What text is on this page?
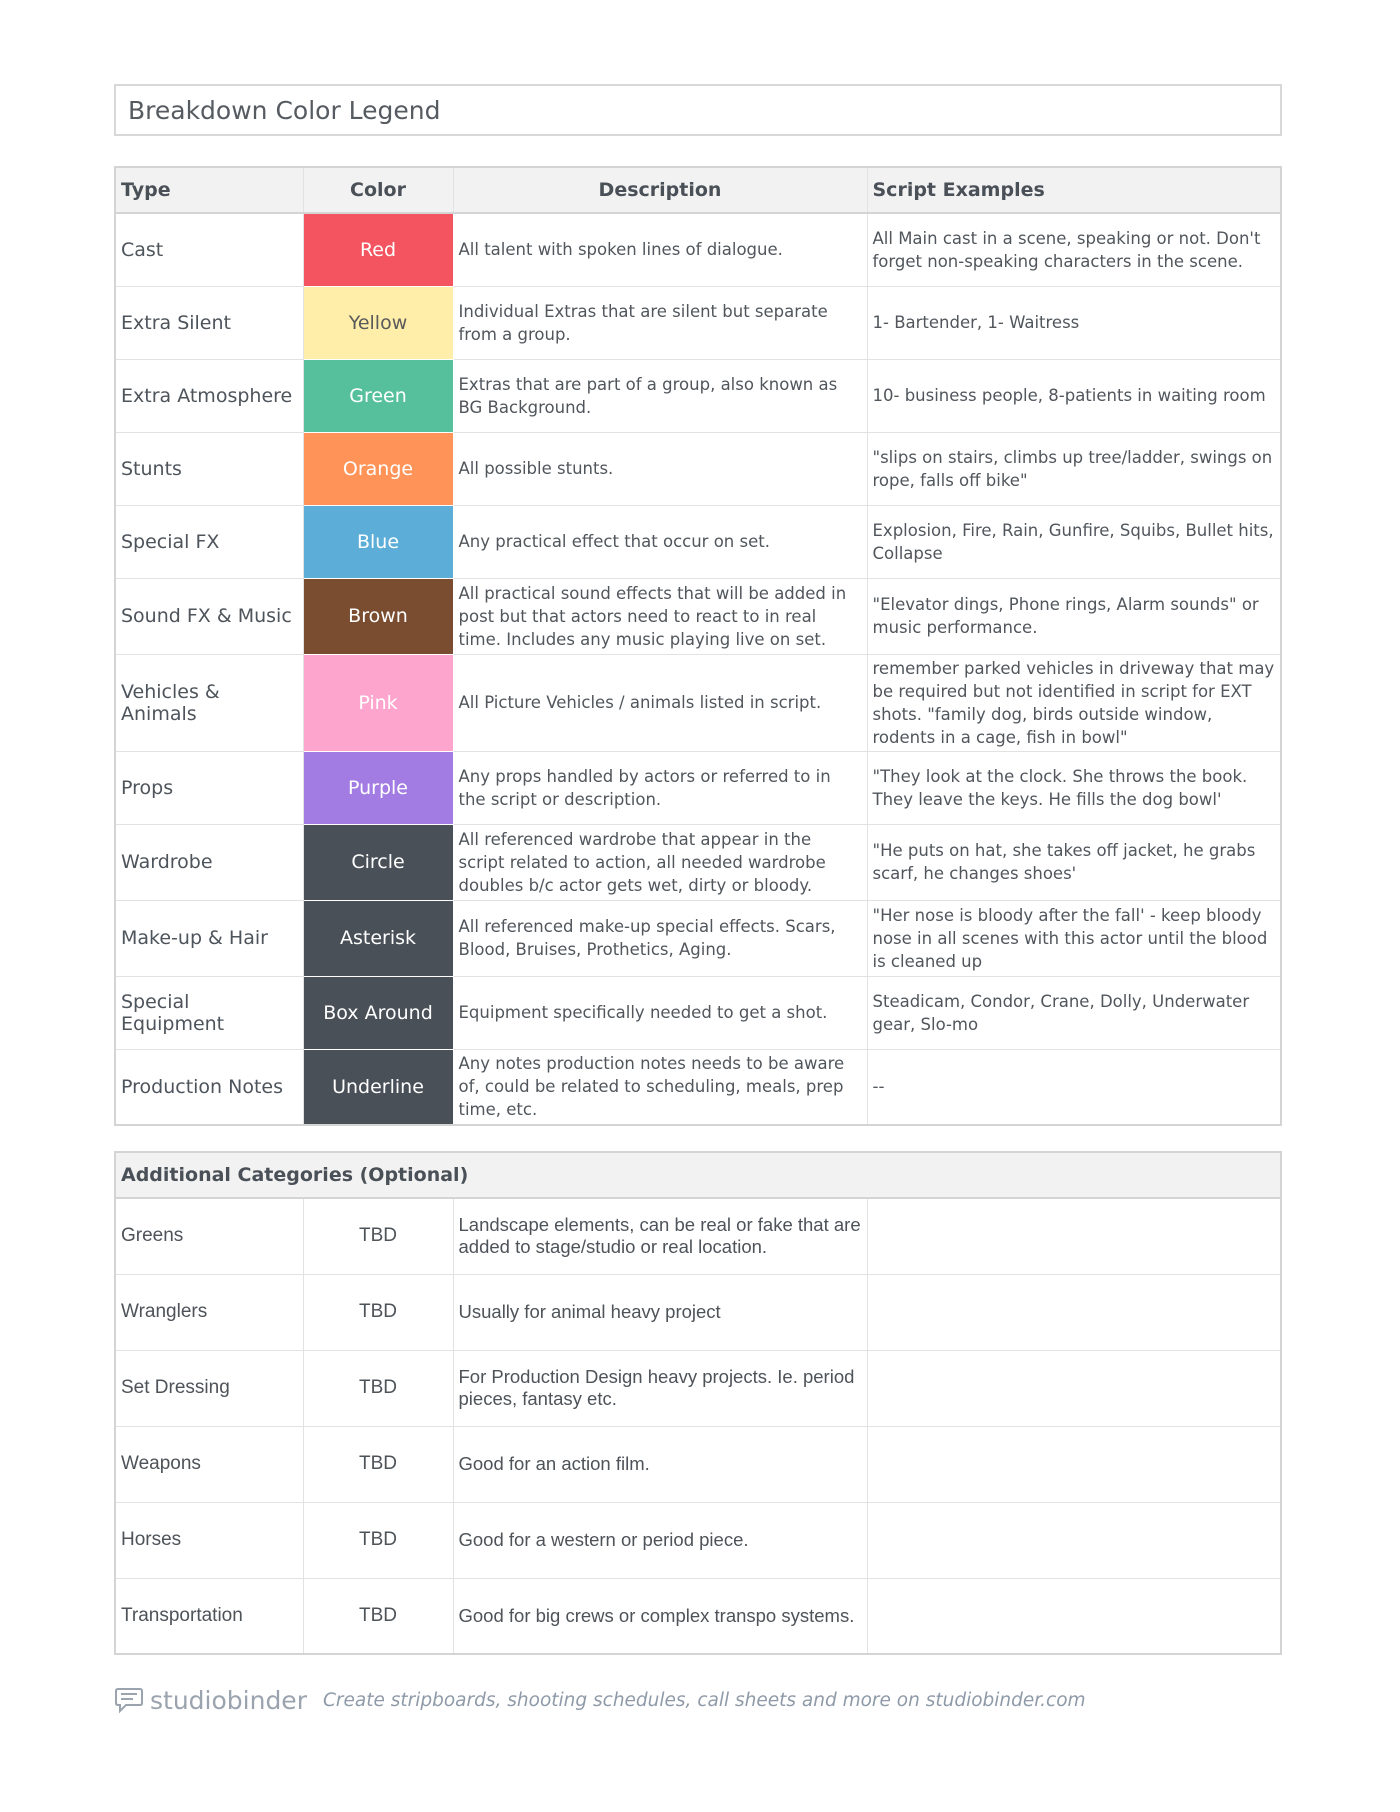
Breakdown Color Legend
Type	Color	Description	Script Examples
Cast	Red	All talent with spoken lines of dialogue.	All Main cast in a scene, speaking or not. Don't forget non-speaking characters in the scene.
Extra Silent	Yellow	Individual Extras that are silent but separate from a group.	1- Bartender, 1- Waitress
Extra Atmosphere	Green	Extras that are part of a group, also known as BG Background.	10- business people, 8-patients in waiting room
Stunts	Orange	All possible stunts.	"slips on stairs, climbs up tree/ladder, swings on rope, falls off bike"
Special FX	Blue	Any practical effect that occur on set.	Explosion, Fire, Rain, Gunfire, Squibs, Bullet hits, Collapse
Sound FX & Music	Brown	All practical sound effects that will be added in post but that actors need to react to in real time. Includes any music playing live on set.	"Elevator dings, Phone rings, Alarm sounds" or music performance.
Vehicles & Animals	Pink	All Picture Vehicles / animals listed in script.	remember parked vehicles in driveway that may be required but not identified in script for EXT shots. "family dog, birds outside window, rodents in a cage, fish in bowl"
Props	Purple	Any props handled by actors or referred to in the script or description.	"They look at the clock. She throws the book. They leave the keys. He fills the dog bowl'
Wardrobe	Circle	All referenced wardrobe that appear in the script related to action, all needed wardrobe doubles b/c actor gets wet, dirty or bloody.	"He puts on hat, she takes off jacket, he grabs scarf, he changes shoes'
Make-up & Hair	Asterisk	All referenced make-up special effects. Scars, Blood, Bruises, Prothetics, Aging.	"Her nose is bloody after the fall' - keep bloody nose in all scenes with this actor until the blood is cleaned up
Special Equipment	Box Around	Equipment specifically needed to get a shot.	Steadicam, Condor, Crane, Dolly, Underwater gear, Slo-mo
Production Notes	Underline	Any notes production notes needs to be aware of, could be related to scheduling, meals, prep time, etc.	--
Additional Categories (Optional)			
Greens	TBD	Landscape elements, can be real or fake that are added to stage/studio or real location.	
Wranglers	TBD	Usually for animal heavy project	
Set Dressing	TBD	For Production Design heavy projects. Ie. period pieces, fantasy etc.	
Weapons	TBD	Good for an action film.	
Horses	TBD	Good for a western or period piece.	
Transportation	TBD	Good for big crews or complex transpo systems.	
studiobinder Create stripboards, shooting schedules, call sheets and more on studiobinder.com
